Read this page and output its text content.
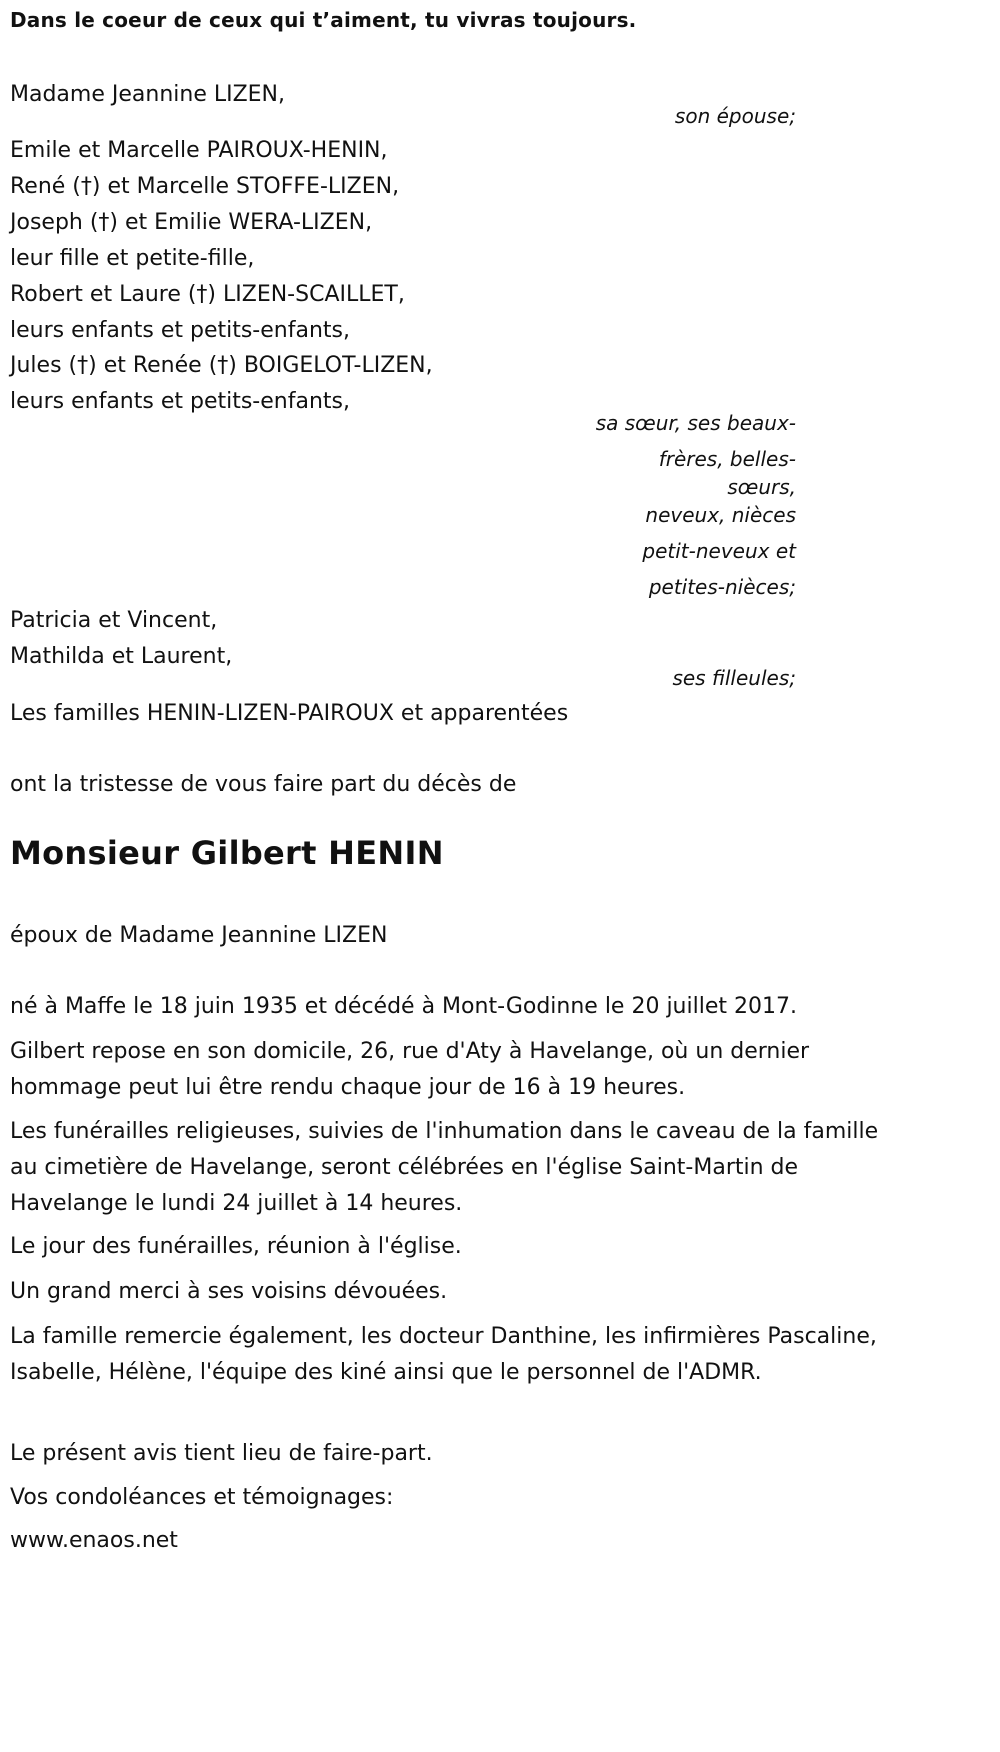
Dans le coeur de ceux qui t’aiment, tu vivras toujours.
Madame Jeannine LIZEN,
son épouse;
Emile et Marcelle PAIROUX-HENIN,
René (†) et Marcelle STOFFE-LIZEN,
Joseph (†) et Emilie WERA-LIZEN,
leur fille et petite-fille,
Robert et Laure (†) LIZEN-SCAILLET,
leurs enfants et petits-enfants,
Jules (†) et Renée (†) BOIGELOT-LIZEN,
leurs enfants et petits-enfants,
sa sœur, ses beaux-
frères, belles-
sœurs,
neveux, nièces
petit-neveux et
petites-nièces;
Patricia et Vincent,
Mathilda et Laurent,
ses filleules;
Les familles HENIN-LIZEN-PAIROUX et apparentées
ont la tristesse de vous faire part du décès de
Monsieur Gilbert HENIN
époux de Madame Jeannine LIZEN
né à Maffe le 18 juin 1935 et décédé à Mont-Godinne le 20 juillet 2017.
Gilbert repose en son domicile, 26, rue d'Aty à Havelange, où un dernier hommage peut lui être rendu chaque jour de 16 à 19 heures.
Les funérailles religieuses, suivies de l'inhumation dans le caveau de la famille au cimetière de Havelange, seront célébrées en l'église Saint-Martin de Havelange le lundi 24 juillet à 14 heures.
Le jour des funérailles, réunion à l'église.
Un grand merci à ses voisins dévouées.
La famille remercie également, les docteur Danthine, les infirmières Pascaline, Isabelle, Hélène, l'équipe des kiné ainsi que le personnel de l'ADMR.
Le présent avis tient lieu de faire-part.
Vos condoléances et témoignages:
www.enaos.net
